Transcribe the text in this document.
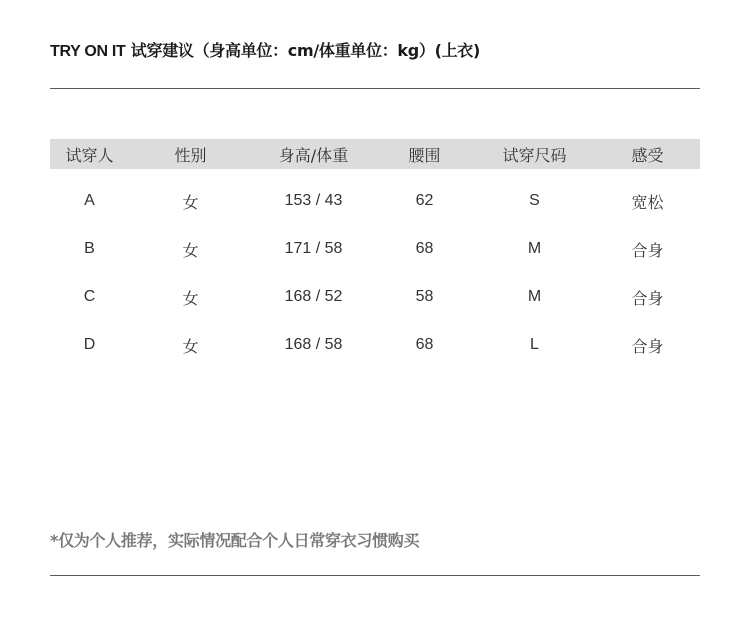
TRY ON IT 试穿建议（身高单位：cm/体重单位：kg）(上衣)
试穿人	性别	身高/体重	腰围	试穿尺码	感受
A	女	153 / 43	62	S	宽松
B	女	171 / 58	68	M	合身
C	女	168 / 52	58	M	合身
D	女	168 / 58	68	L	合身
*仅为个人推荐，实际情况配合个人日常穿衣习惯购买
